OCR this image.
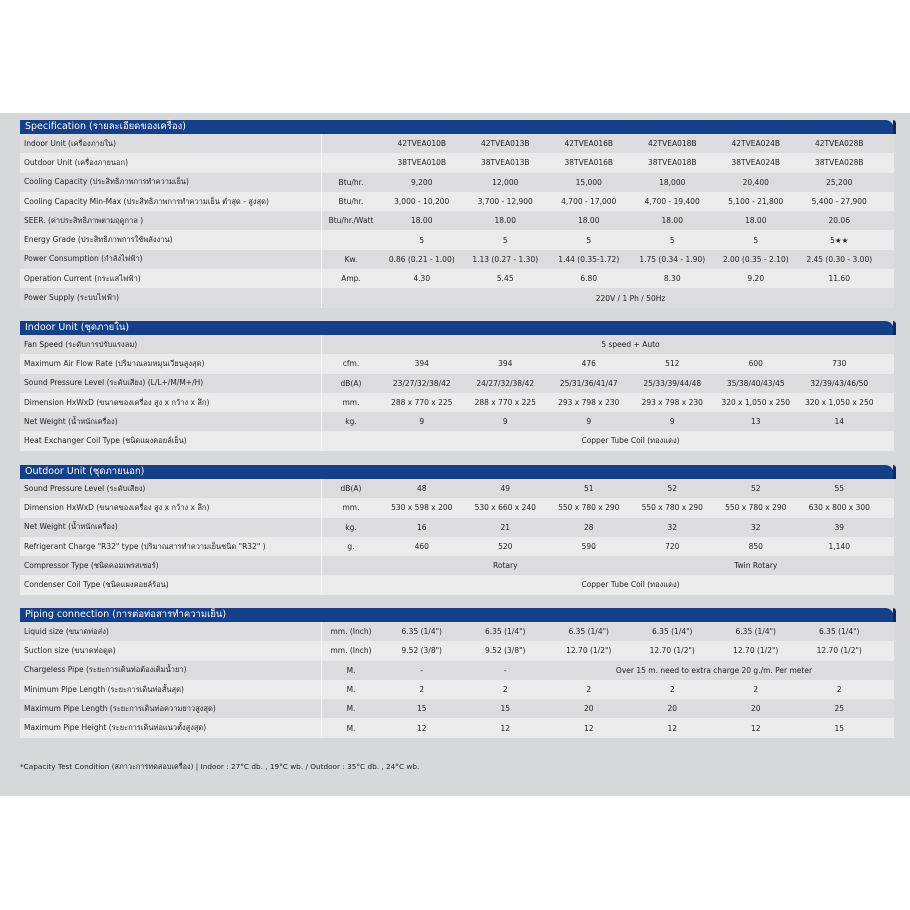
Specification (รายละเอียดของเครื่อง)
Indoor Unit (เครื่องภายใน)	42TVEA010B	42TVEA013B	42TVEA016B	42TVEA018B	42TVEA024B	42TVEA028B
Outdoor Unit (เครื่องภายนอก)	38TVEA010B	38TVEA013B	38TVEA016B	38TVEA018B	38TVEA024B	38TVEA028B
Cooling Capacity (ประสิทธิภาพการทำความเย็น)	Btu/hr.	9,200	12,000	15,000	18,000	20,400	25,200
Cooling Capacity Min-Max (ประสิทธิภาพการทำความเย็น ต่ำสุด - สูงสุด)	Btu/hr.	3,000 - 10,200	3,700 - 12,900	4,700 - 17,000	4,700 - 19,400	5,100 - 21,800	5,400 - 27,900
SEER. (ค่าประสิทธิภาพตามฤดูกาล )	Btu/hr./Watt	18.00	18.00	18.00	18.00	18.00	20.06
Energy Grade (ประสิทธิภาพการใช้พลังงาน)	5	5	5	5	5	5★★
Power Consumption (กำลังไฟฟ้า)	Kw.	0.86 (0.21 - 1.00)	1.13 (0.27 - 1.30)	1.44 (0.35-1.72)	1.75 (0.34 - 1.90)	2.00 (0.35 - 2.10)	2.45 (0.30 - 3.00)
Operation Current (กระแสไฟฟ้า)	Amp.	4.30	5.45	6.80	8.30	9.20	11.60
Power Supply (ระบบไฟฟ้า)	220V / 1 Ph / 50Hz
Indoor Unit (ชุดภายใน)
Fan Speed (ระดับการปรับแรงลม)	5 speed + Auto
Maximum Air Flow Rate (ปริมาณลมหมุนเวียนสูงสุด)	cfm.	394	394	476	512	600	730
Sound Pressure Level (ระดับเสียง) (L/L+/M/M+/H)	dB(A)	23/27/32/38/42	24/27/32/38/42	25/31/36/41/47	25/33/39/44/48	35/38/40/43/45	32/39/43/46/50
Dimension HxWxD (ขนาดของเครื่อง สูง x กว้าง x ลึก)	mm.	288 x 770 x 225	288 x 770 x 225	293 x 798 x 230	293 x 798 x 230	320 x 1,050 x 250	320 x 1,050 x 250
Net Weight (น้ำหนักเครื่อง)	kg.	9	9	9	9	13	14
Heat Exchanger Coil Type (ชนิดแผงคอยล์เย็น)	Copper Tube Coil (ทองแดง)
Outdoor Unit (ชุดภายนอก)
Sound Pressure Level (ระดับเสียง)	dB(A)	48	49	51	52	52	55
Dimension HxWxD (ขนาดของเครื่อง สูง x กว้าง x ลึก)	mm.	530 x 598 x 200	530 x 660 x 240	550 x 780 x 290	550 x 780 x 290	550 x 780 x 290	630 x 800 x 300
Net Weight (น้ำหนักเครื่อง)	kg.	16	21	28	32	32	39
Refrigerant Charge "R32" type (ปริมาณสารทำความเย็นชนิด "R32" )	g.	460	520	590	720	850	1,140
Compressor Type (ชนิดคอมเพรสเซอร์)	Rotary	Twin Rotary
Condenser Coil Type (ชนิดแผงคอยล์ร้อน)	Copper Tube Coil (ทองแดง)
Piping connection (การต่อท่อสารทำความเย็น)
Liquid size (ขนาดท่อส่ง)	mm. (Inch)	6.35 (1/4")	6.35 (1/4")	6.35 (1/4")	6.35 (1/4")	6.35 (1/4")	6.35 (1/4")
Suction size (ขนาดท่อดูด)	mm. (Inch)	9.52 (3/8")	9.52 (3/8")	12.70 (1/2")	12.70 (1/2")	12.70 (1/2")	12.70 (1/2")
Chargeless Pipe (ระยะการเดินท่อต้องเติมน้ำยา)	M.	-	-	Over 15 m. need to extra charge 20 g./m. Per meter
Minimum Pipe Length (ระยะการเดินท่อสั้นสุด)	M.	2	2	2	2	2	2
Maximum Pipe Length (ระยะการเดินท่อความยาวสูงสุด)	M.	15	15	20	20	20	25
Maximum Pipe Height (ระยะการเดินท่อแนวตั้งสูงสุด)	M.	12	12	12	12	12	15
*Capacity Test Condition (สภาวะการทดสอบเครื่อง) | Indoor : 27°C db. , 19°C wb. / Outdoor : 35°C db. , 24°C wb.
